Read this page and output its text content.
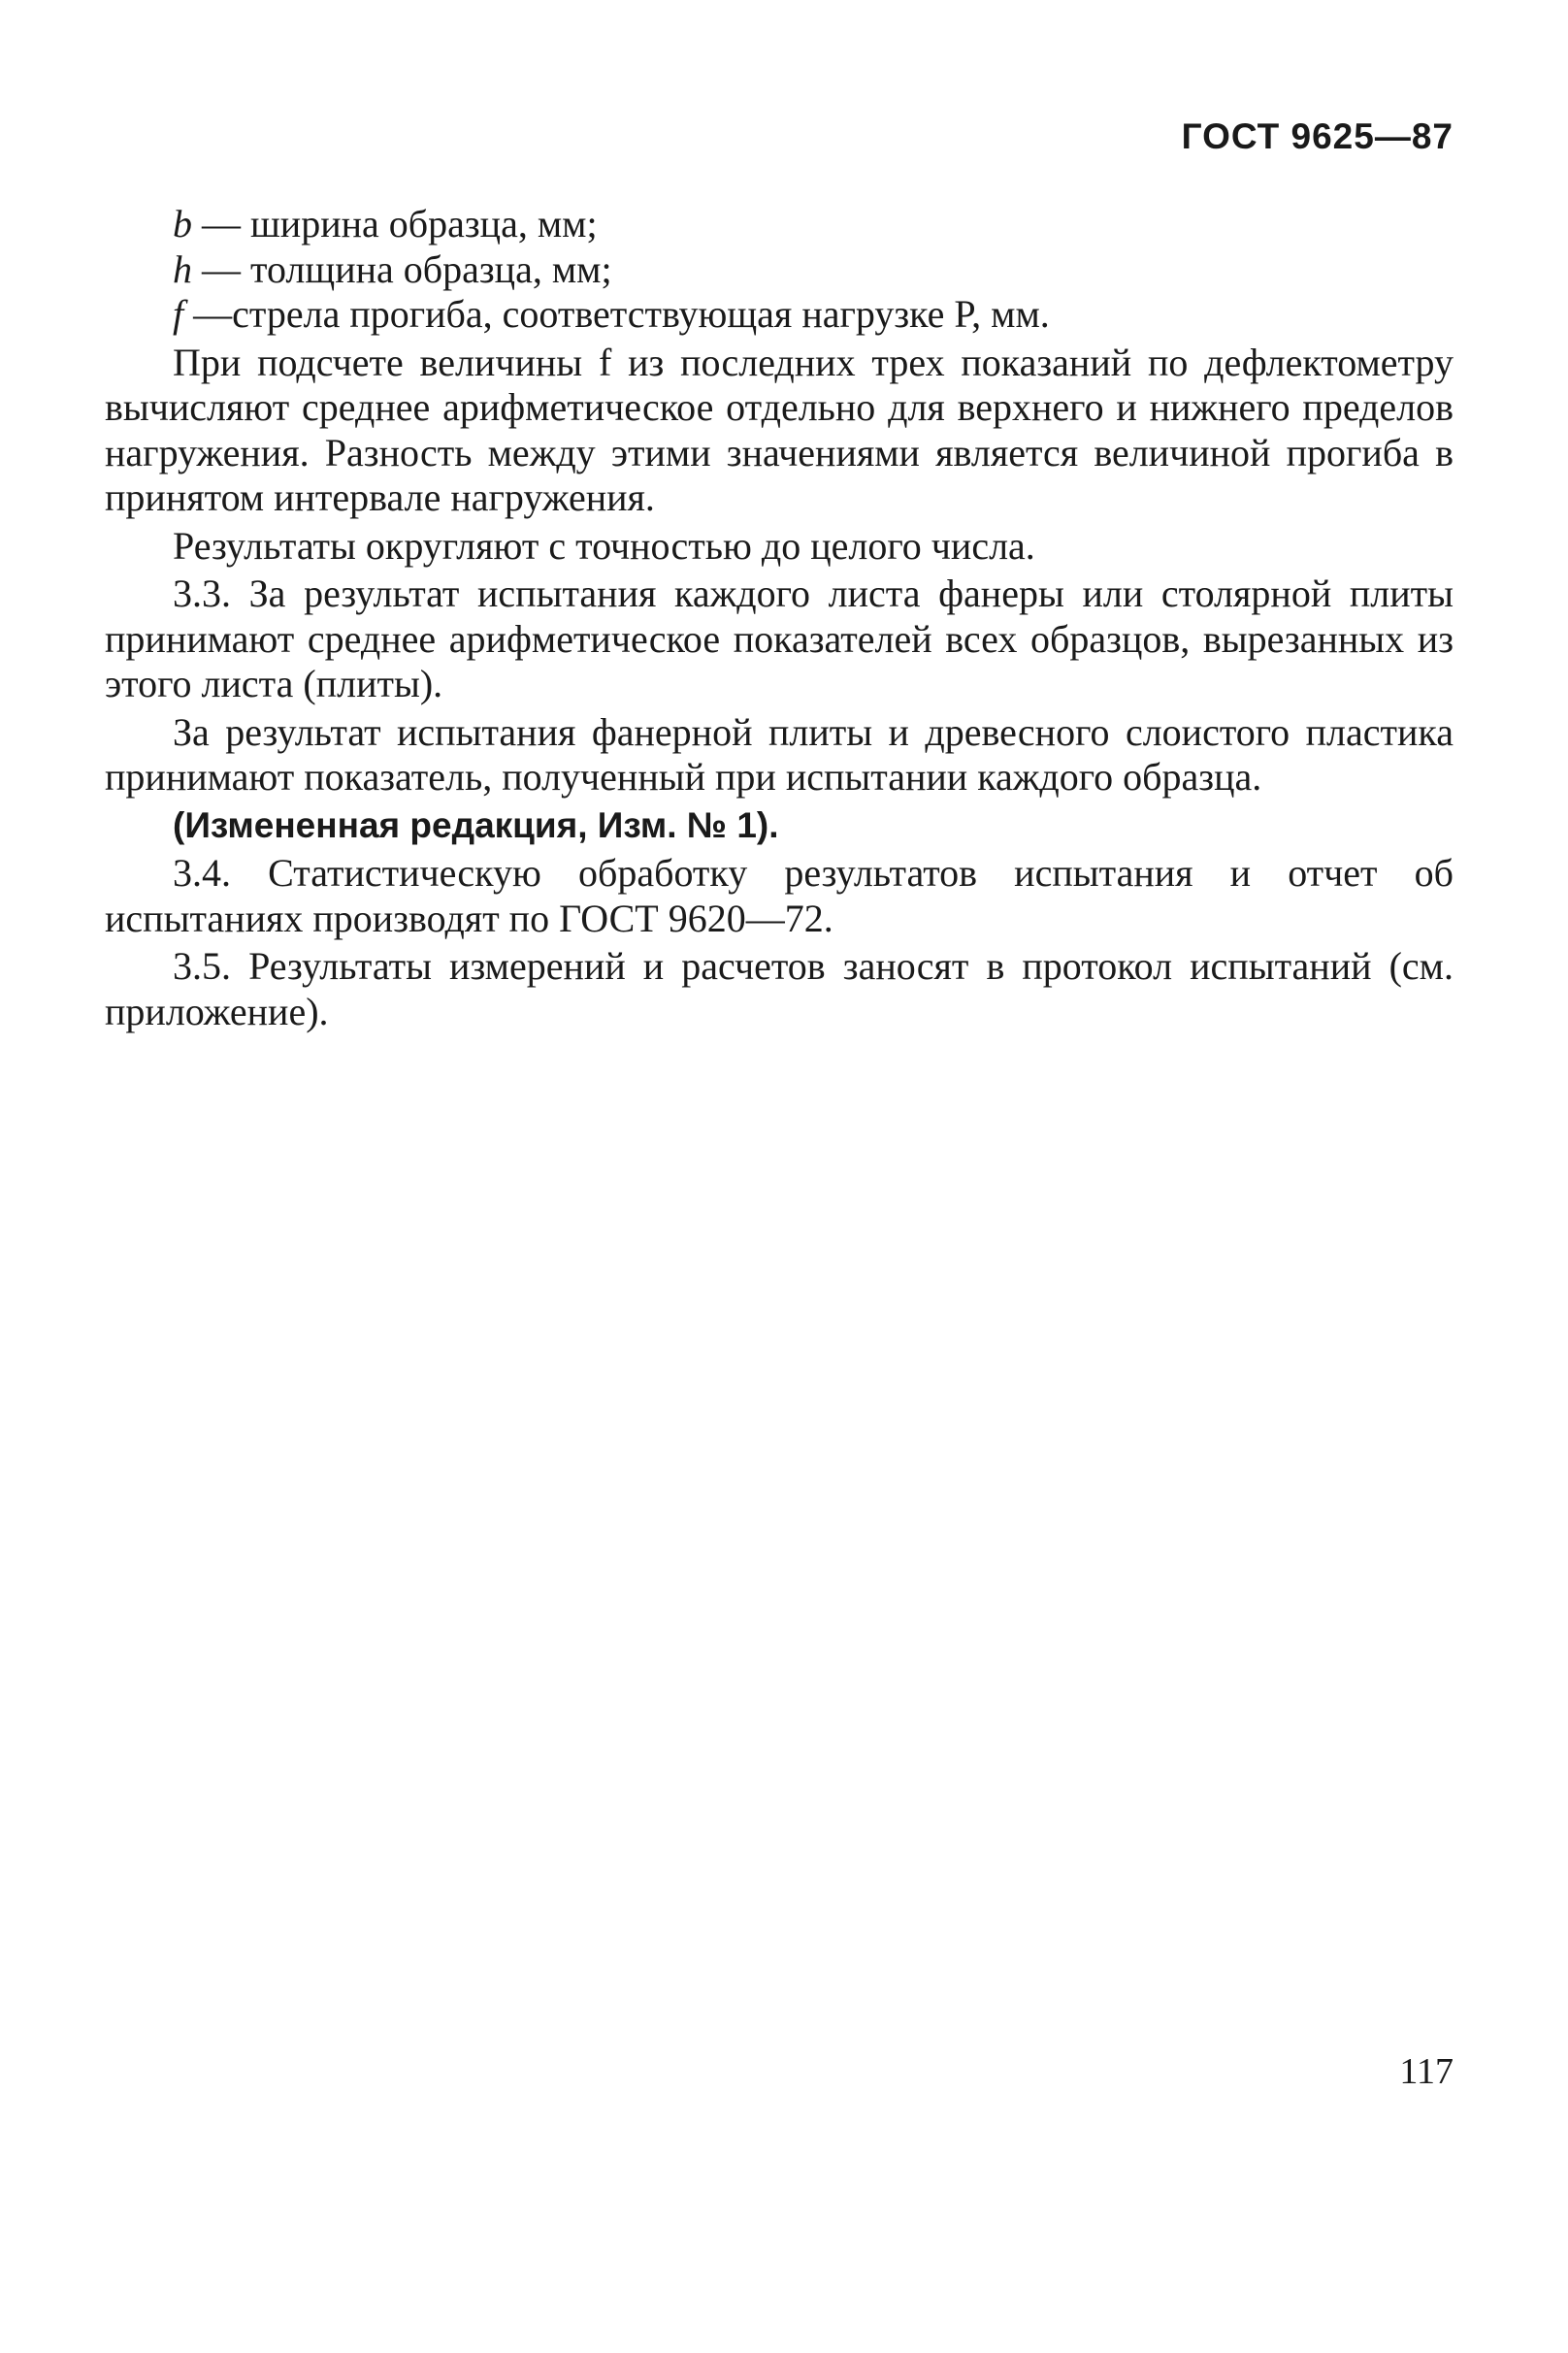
ГОСТ 9625—87

b — ширина образца, мм;

h — толщина образца, мм;

f —стрела прогиба, соответствующая нагрузке P, мм.

При подсчете величины f из последних трех показаний по дефлектометру вычисляют среднее арифметическое отдельно для верхнего и нижнего пределов нагружения. Разность между этими значениями является величиной прогиба в принятом интервале нагружения.

Результаты округляют с точностью до целого числа.

3.3. За результат испытания каждого листа фанеры или столярной плиты принимают среднее арифметическое показателей всех образцов, вырезанных из этого листа (плиты).

За результат испытания фанерной плиты и древесного слоистого пластика принимают показатель, полученный при испытании каждого образца.

(Измененная редакция, Изм. № 1).

3.4. Статистическую обработку результатов испытания и отчет об испытаниях производят по ГОСТ 9620—72.

3.5. Результаты измерений и расчетов заносят в протокол испытаний (см. приложение).

117
